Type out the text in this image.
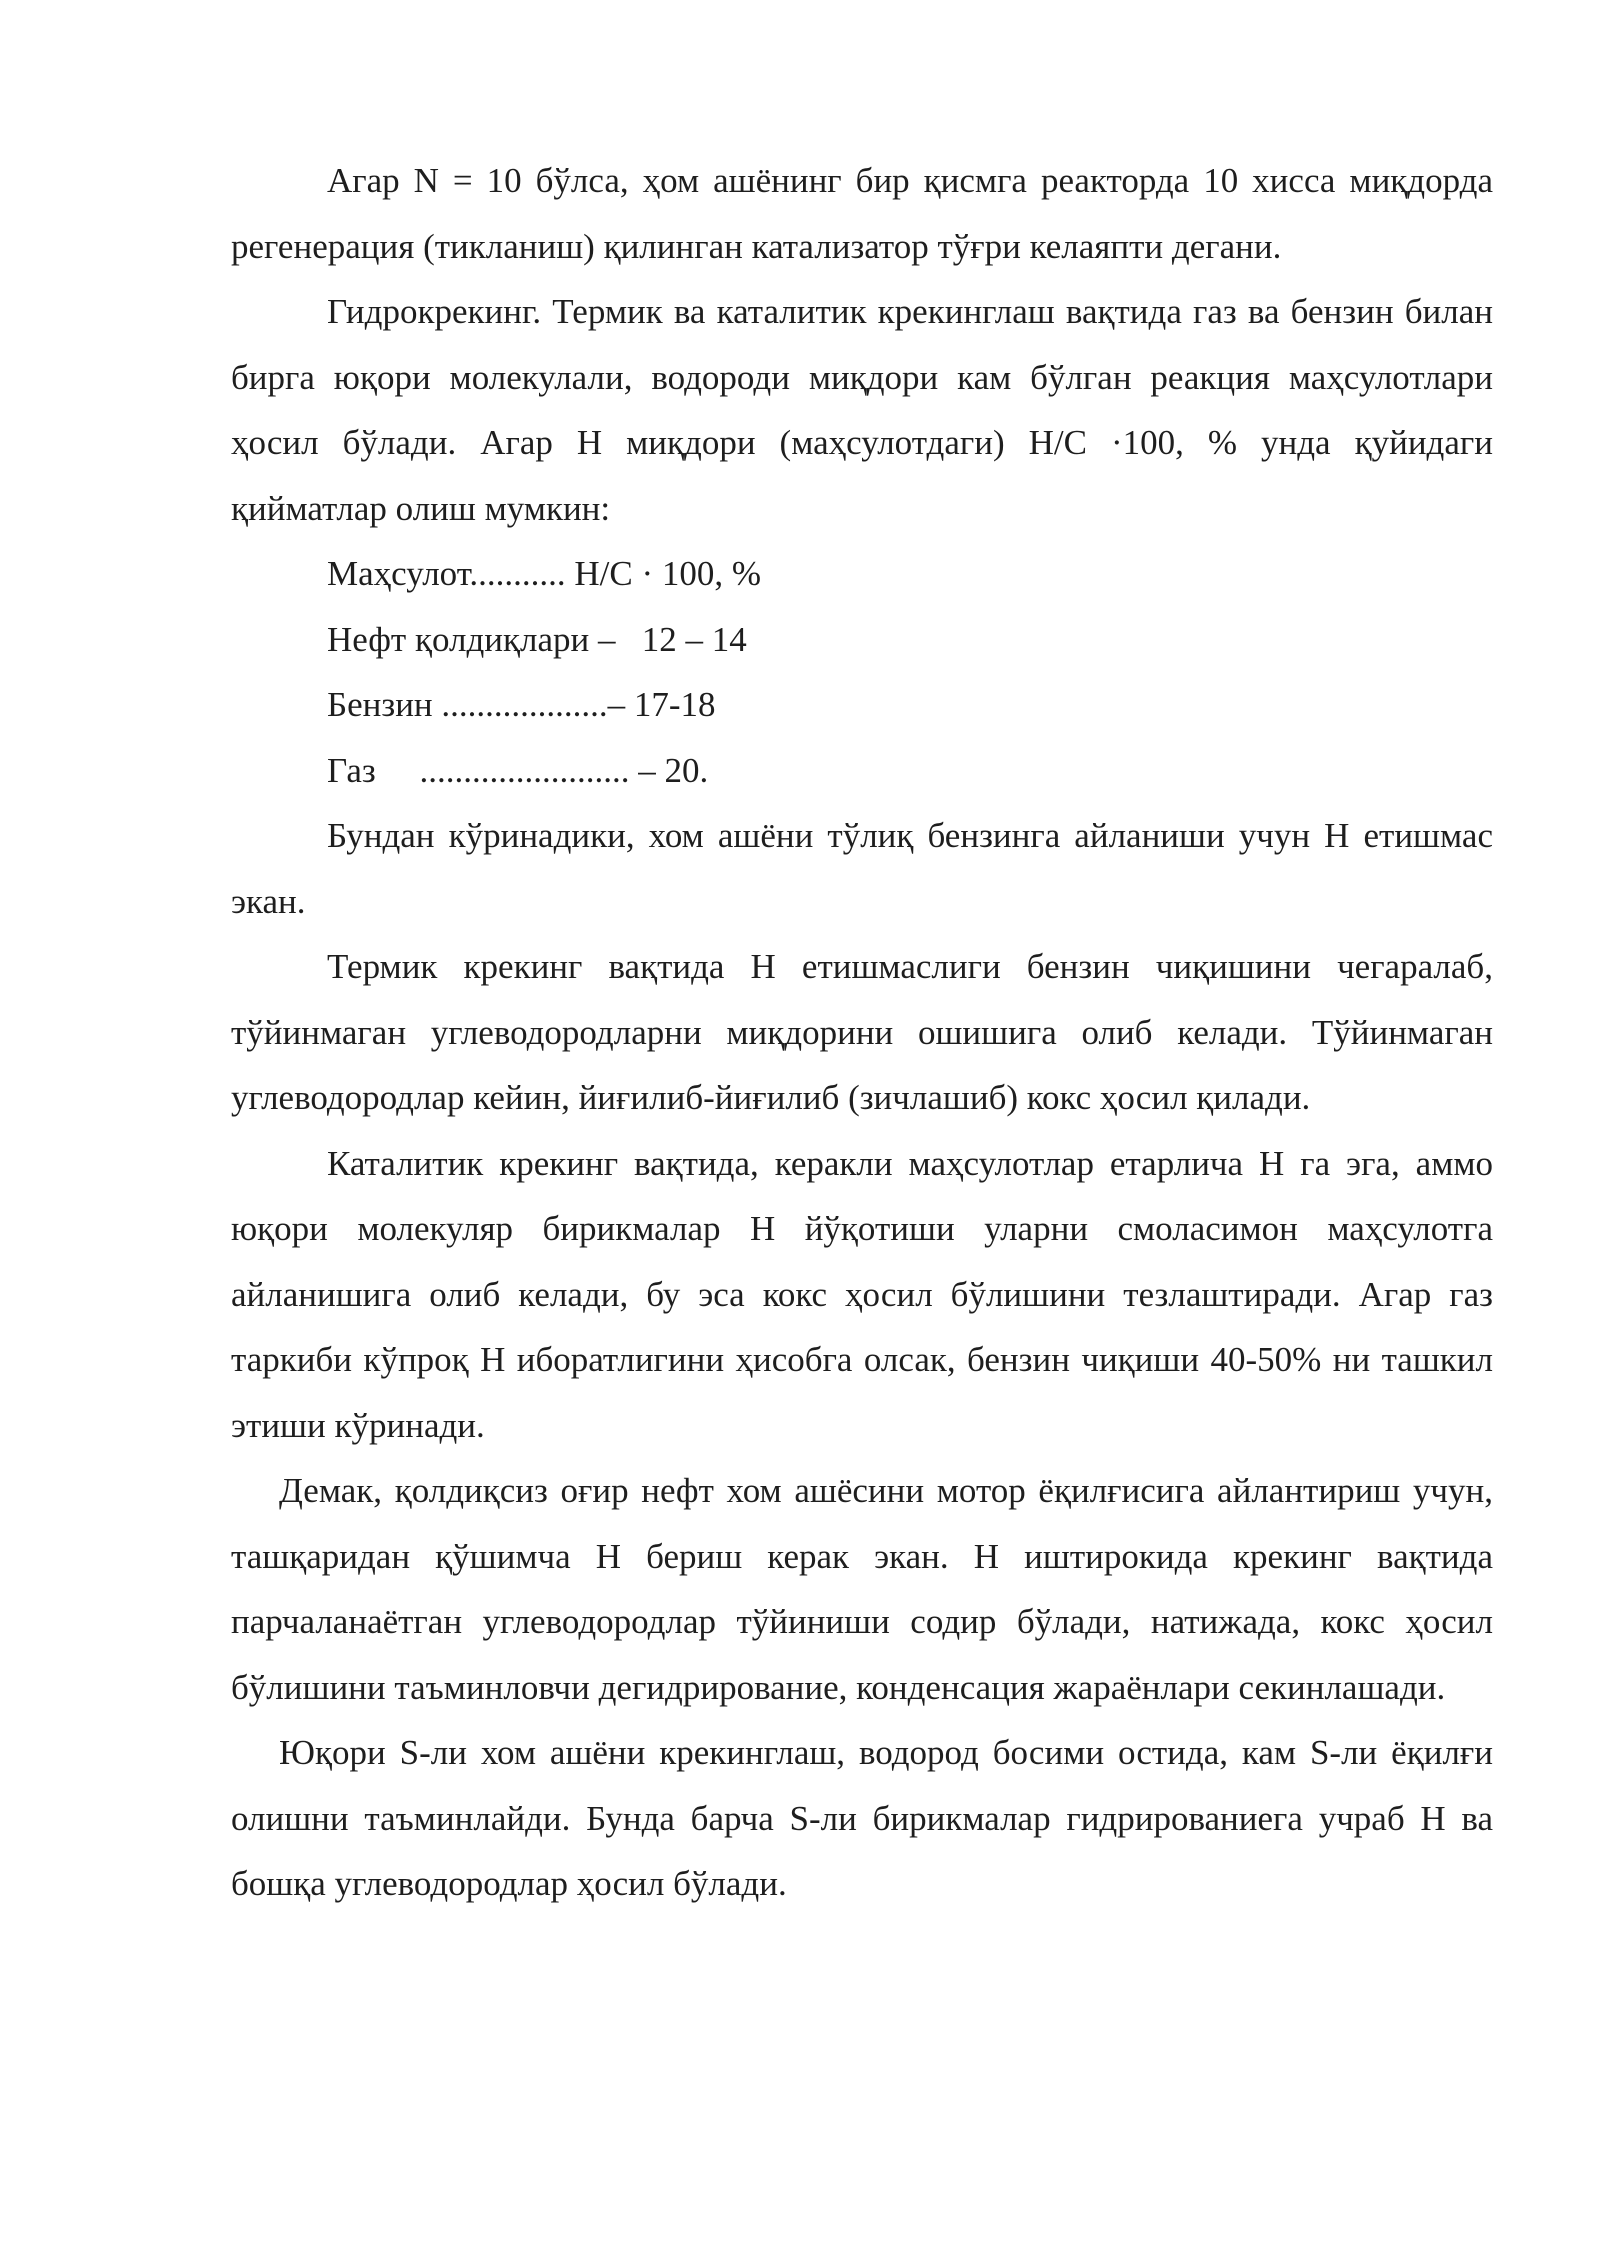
Агар N = 10 бўлса, ҳом ашёнинг бир қисмга реакторда 10 хисса миқдорда регенерация (тикланиш) қилинган катализатор тўғри келаяпти дегани.

Гидрокрекинг. Термик ва каталитик крекинглаш вақтида газ ва бензин билан бирга юқори молекулали, водороди миқдори кам бўлган реакция маҳсулотлари ҳосил бўлади. Агар Н миқдори (маҳсулотдаги) Н/С ·100, % унда қуйидаги қийматлар олиш мумкин:

Маҳсулот........... Н/С · 100, %
Нефт қолдиқлари –   12 – 14
Бензин ...................– 17-18
Газ     ........................ – 20.

Бундан кўринадики, хом ашёни тўлиқ бензинга айланиши учун Н етишмас экан.

Термик крекинг вақтида Н етишмаслиги бензин чиқишини чегаралаб, тўйинмаган углеводородларни миқдорини ошишига олиб келади. Тўйинмаган углеводородлар кейин, йиғилиб-йиғилиб (зичлашиб) кокс ҳосил қилади.

Каталитик крекинг вақтида, керакли маҳсулотлар етарлича Н га эга, аммо юқори молекуляр бирикмалар Н йўқотиши уларни смоласимон маҳсулотга айланишига олиб келади, бу эса кокс ҳосил бўлишини тезлаштиради. Агар газ таркиби кўпроқ Н иборатлигини ҳисобга олсак, бензин чиқиши 40-50% ни ташкил этиши кўринади.

Демак, қолдиқсиз оғир нефт хом ашёсини мотор ёқилғисига айлантириш учун, ташқаридан қўшимча Н бериш керак экан. Н иштирокида крекинг вақтида парчаланаётган углеводородлар тўйиниши содир бўлади, натижада, кокс ҳосил бўлишини таъминловчи дегидрирование, конденсация жараёнлари секинлашади.

Юқори S-ли хом ашёни крекинглаш, водород босими остида, кам S-ли ёқилғи олишни таъминлайди. Бунда барча S-ли бирикмалар гидрированиега учраб Н ва бошқа углеводородлар ҳосил бўлади.
